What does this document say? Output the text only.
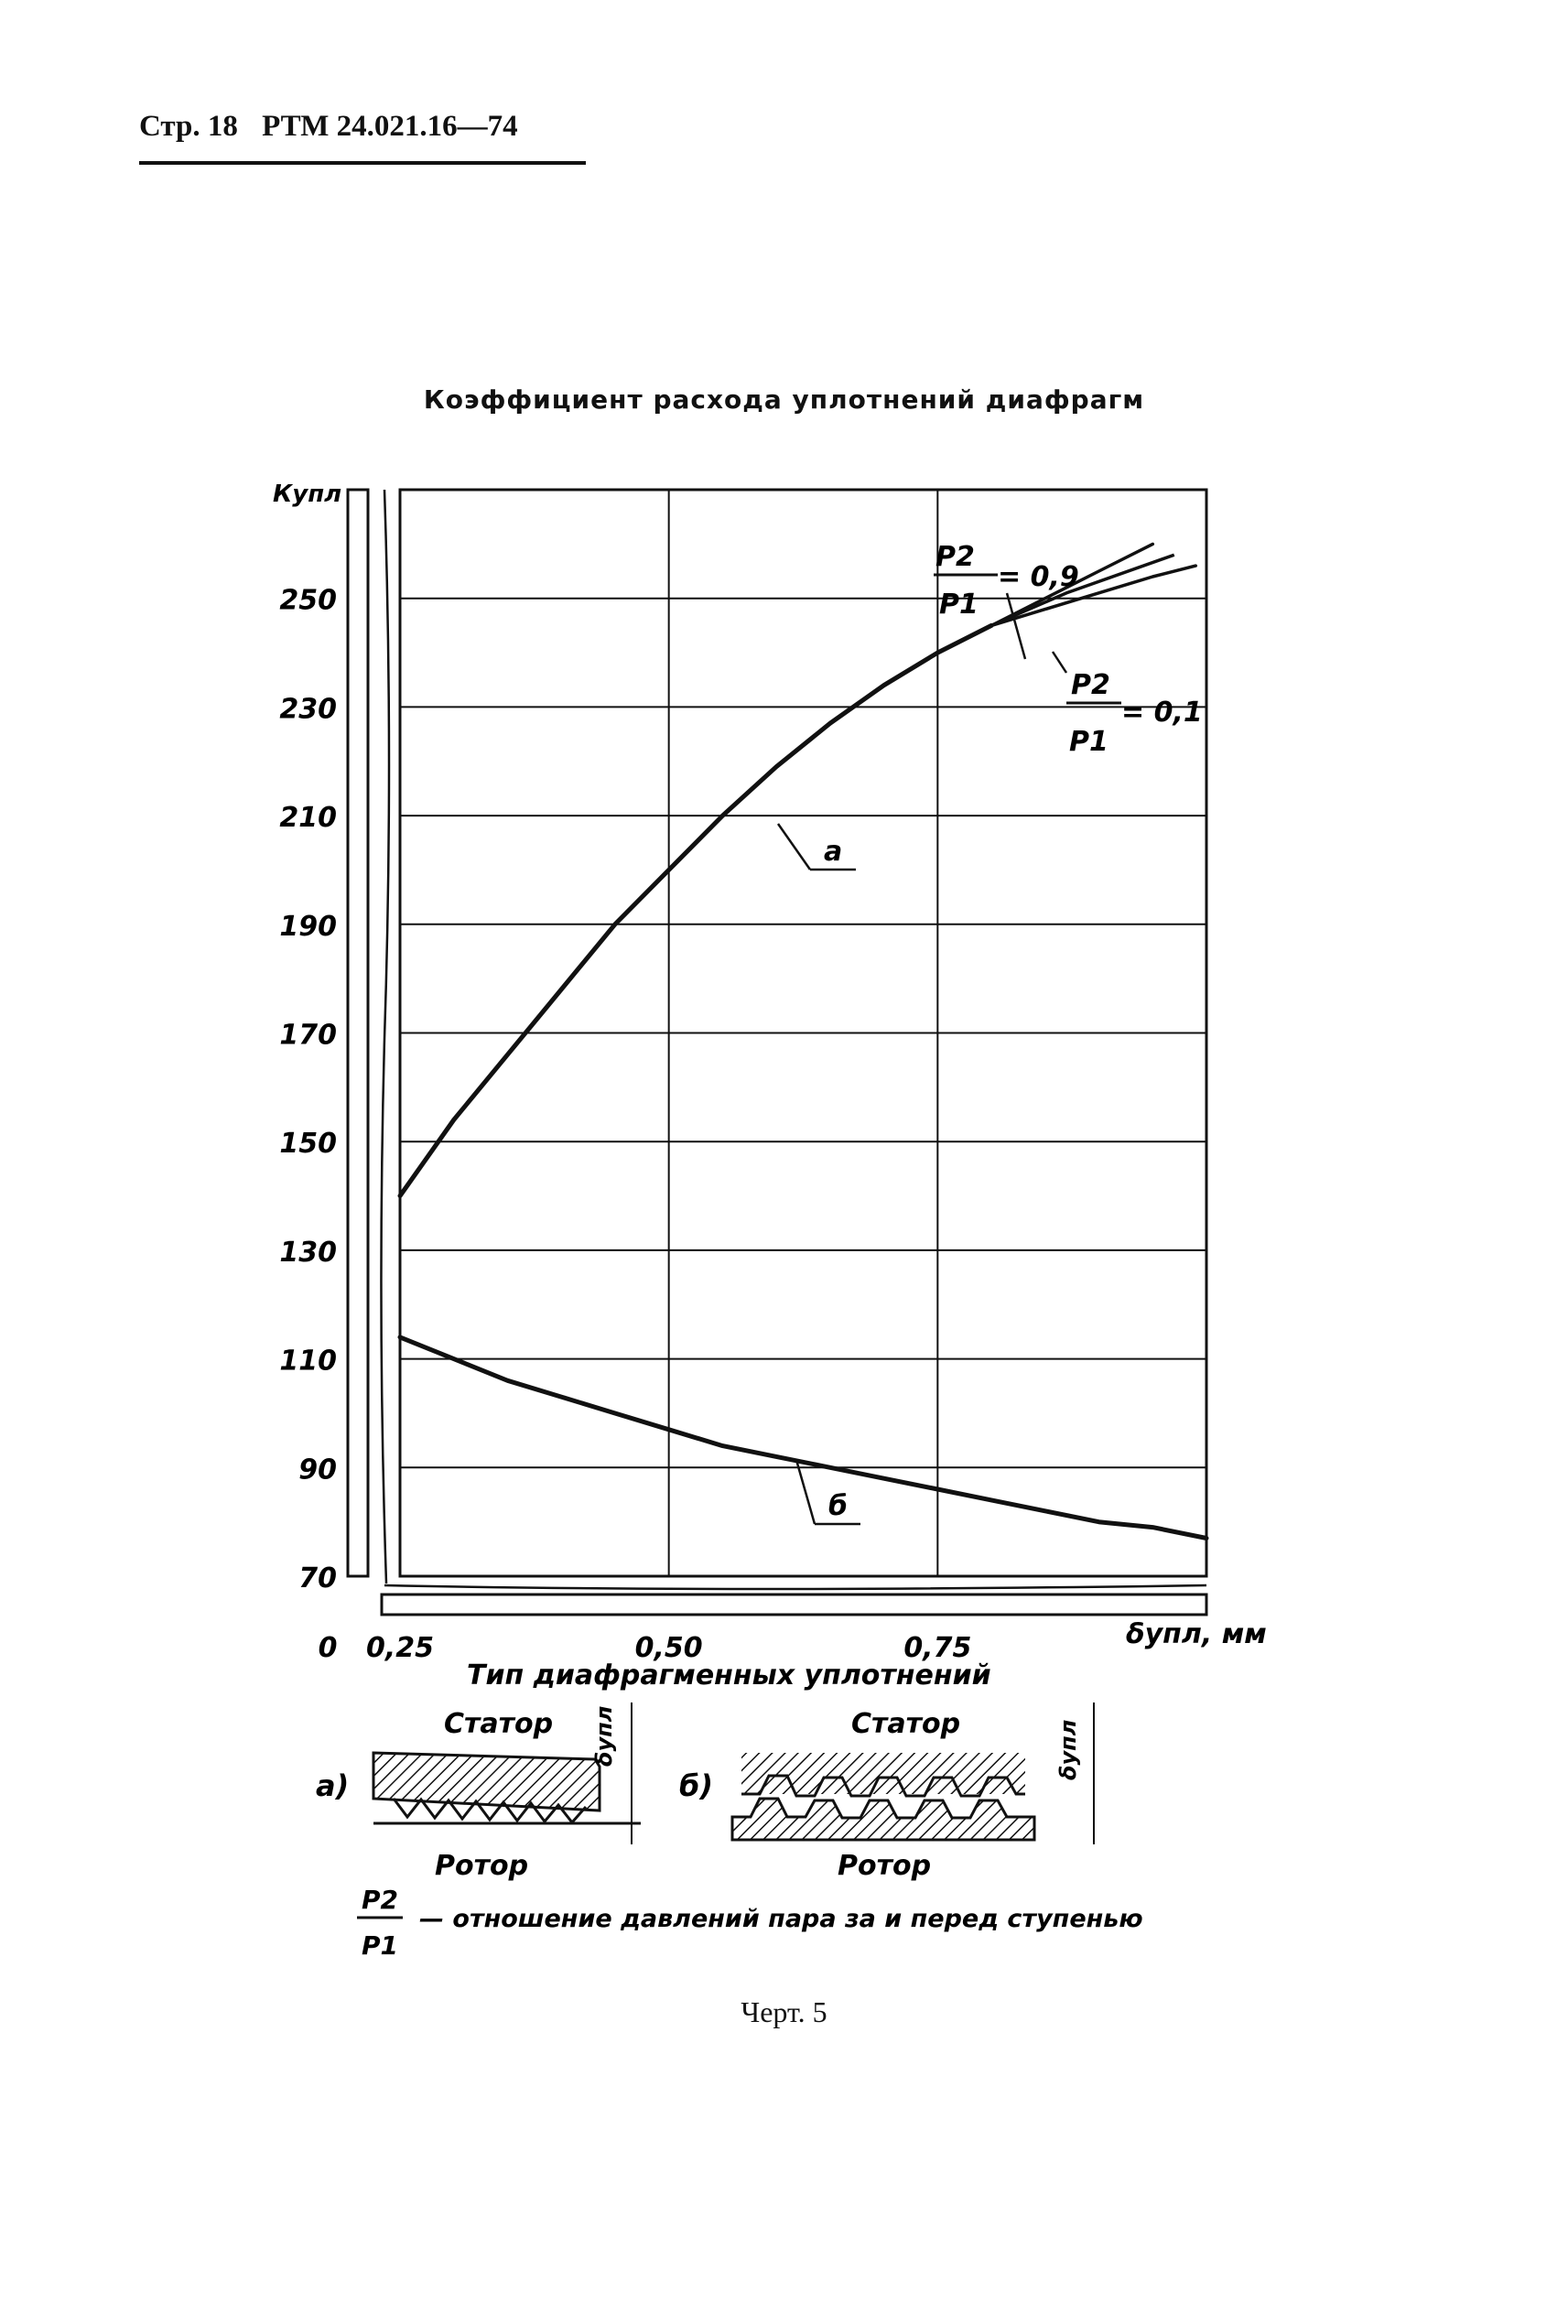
Стр. 18 РТМ 24.021.16—74
Коэффициент расхода уплотнений диафрагм
70
90
110
130
150
170
190
210
230
250
0,25	0,50	0,75
0
Купл
δупл, мм
P2
P1
= 0,9
P2
P1
= 0,1
а
б
Тип диафрагменных уплотнений
а)
Статор
Ротор
δупл
б)
Статор
Ротор
δупл
P2
P1
— отношение давлений пара за и перед ступенью
Черт. 5
